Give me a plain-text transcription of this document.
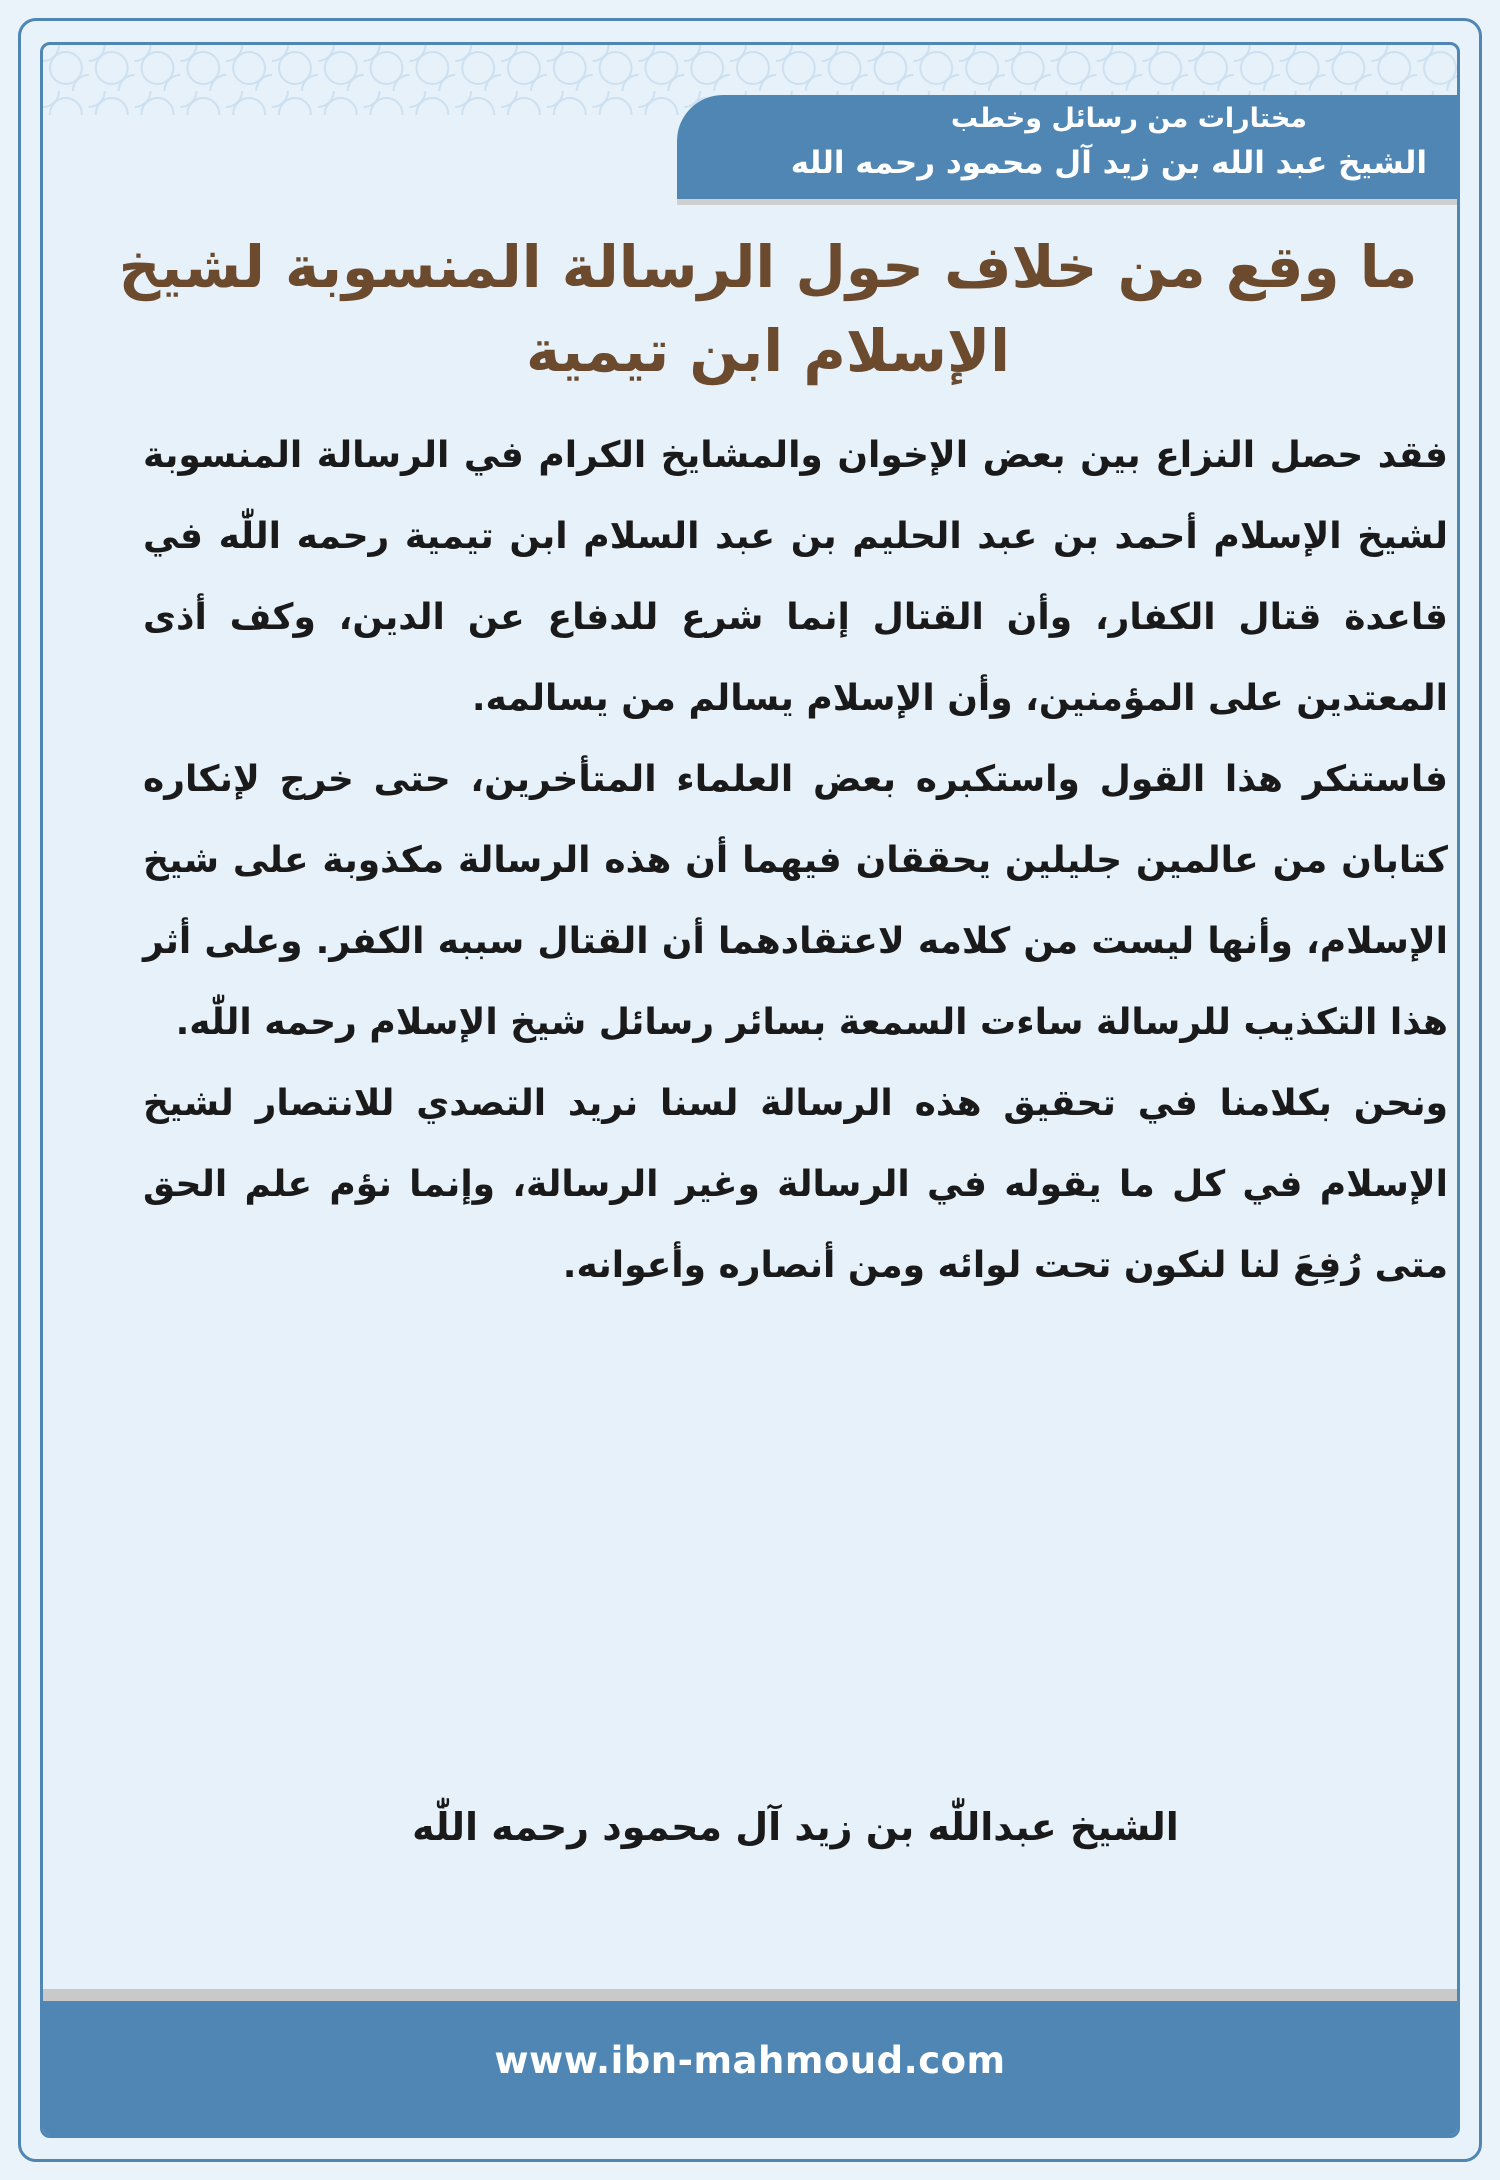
مختارات من رسائل وخطب
الشيخ عبد الله بن زيد آل محمود رحمه الله
ما وقع من خلاف حول الرسالة المنسوبة لشيخ الإسلام ابن تيمية

فقد حصل النزاع بين بعض الإخوان والمشايخ الكرام في الرسالة المنسوبة لشيخ الإسلام أحمد بن عبد الحليم بن عبد السلام ابن تيمية رحمه اللّٰه في قاعدة قتال الكفار، وأن القتال إنما شرع للدفاع عن الدين، وكف أذى المعتدين على المؤمنين، وأن الإسلام يسالم من يسالمه.

فاستنكر هذا القول واستكبره بعض العلماء المتأخرين، حتى خرج لإنكاره كتابان من عالمين جليلين يحققان فيهما أن هذه الرسالة مكذوبة على شيخ الإسلام، وأنها ليست من كلامه لاعتقادهما أن القتال سببه الكفر. وعلى أثر هذا التكذيب للرسالة ساءت السمعة بسائر رسائل شيخ الإسلام رحمه اللّٰه.

ونحن بكلامنا في تحقيق هذه الرسالة لسنا نريد التصدي للانتصار لشيخ الإسلام في كل ما يقوله في الرسالة وغير الرسالة، وإنما نؤم علم الحق متى رُفِعَ لنا لنكون تحت لوائه ومن أنصاره وأعوانه.

الشيخ عبداللّٰه بن زيد آل محمود رحمه اللّٰه
www.ibn-mahmoud.com
